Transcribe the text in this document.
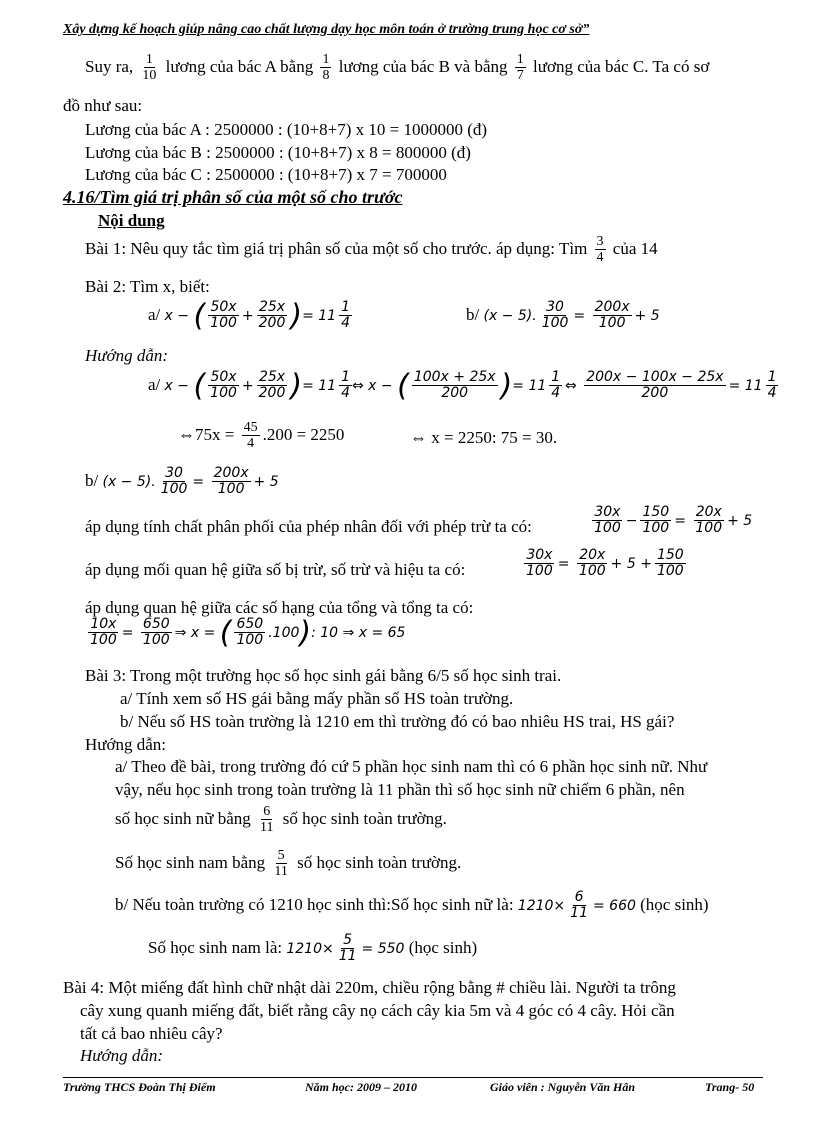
Xây dựng kế hoạch giúp nâng cao chất lượng dạy học môn toán ở trường trung học cơ sở”
Suy ra, $\frac{1}{10}$ lương của bác A bằng $\frac{1}{8}$ lương của bác B và bằng $\frac{1}{7}$ lương của bác C. Ta có sơ
đồ như sau:
Lương của bác A : 2500000 : (10+8+7) x 10 = 1000000 (đ)
Lương của bác B : 2500000 : (10+8+7) x 8 = 800000 (đ)
Lương của bác C : 2500000 : (10+8+7) x 7 = 700000
4.16/Tìm giá trị phân số của một số cho trước
Nội dung
Bài 1: Nêu quy tắc tìm giá trị phân số của một số cho trước. áp dụng: Tìm $\frac{3}{4}$ của 14
Bài 2: Tìm x, biết:
a/ x − ( $\frac{50x}{100} + \frac{25x}{200}$ )= $11 \frac{1}{4}$	b/ (x − 5). $\frac{30}{100} = \frac{200x}{100} + 5$
Hướng dẫn:
a/ x − ( $\frac{50x}{100} + \frac{25x}{200}$ )= $11 \frac{1}{4}$ ⇔ x − ( $\frac{100x + 25x}{200}$ )= $11 \frac{1}{4}$ ⇔ $\frac{200x - 100x - 25x}{200} = 11 \frac{1}{4}$
⇔75x = $\frac{45}{4} .200 = 2250$	⇔ x = 2250: 75 = 30.
b/ (x − 5). $\frac{30}{100} = \frac{200x}{100} + 5$
áp dụng tính chất phân phối của phép nhân đối với phép trừ ta có:	$\frac{30x}{100} - \frac{150}{100} = \frac{20x}{100} + 5$
áp dụng mối quan hệ giữa số bị trừ, số trừ và hiệu ta có:	$\frac{30x}{100} = \frac{20x}{100} + 5 + \frac{150}{100}$
áp dụng quan hệ giữa các số hạng của tổng và tổng ta có:
$\frac{10x}{100} = \frac{650}{100}$ ⇒ x = ( $\frac{650}{100} .100$): 10 ⇒ x = 65
Bài 3: Trong một trường học số học sinh gái bằng 6/5 số học sinh trai.
a/ Tính xem số HS gái bằng mấy phần số HS toàn trường.
b/ Nếu số HS toàn trường là 1210 em thì trường đó có bao nhiêu HS trai, HS gái?
Hướng dẫn:
a/ Theo đề bài, trong trường đó cứ 5 phần học sinh nam thì có 6 phần học sinh nữ. Như
vậy, nếu học sinh trong toàn trường là 11 phần thì số học sinh nữ chiếm 6 phần, nên
số học sinh nữ bằng $\frac{6}{11}$ số học sinh toàn trường.
Số học sinh nam bằng $\frac{5}{11}$ số học sinh toàn trường.
b/ Nếu toàn trường có 1210 học sinh thì:Số học sinh nữ là: $1210\times \frac{6}{11} = 660$ (học sinh)
Số học sinh nam là: $1210\times \frac{5}{11} = 550$ (học sinh)
Bài 4: Một miếng đất hình chữ nhật dài 220m, chiều rộng bằng # chiều lài. Người ta trông
cây xung quanh miếng đất, biết rằng cây nọ cách cây kia 5m và 4 góc có 4 cây. Hỏi cần
tất cả bao nhiêu cây?
Hướng dẫn:
Trường THCS Đoàn Thị Điểm	Năm học: 2009 – 2010	Giáo viên : Nguyễn Văn Hân	Trang- 50
